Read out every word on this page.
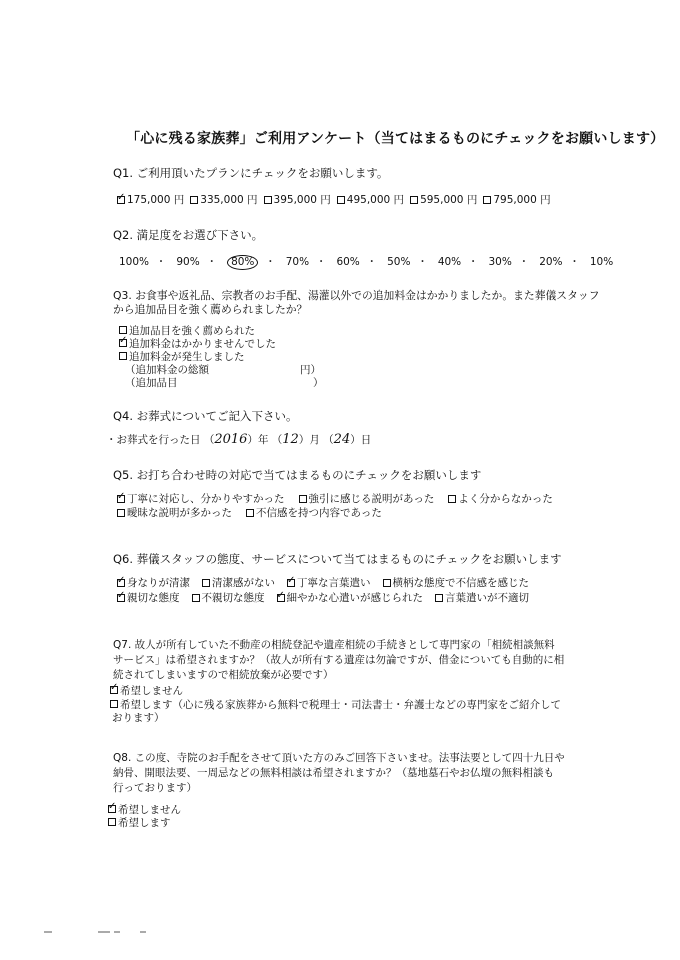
「心に残る家族葬」ご利用アンケート（当てはまるものにチェックをお願いします）
Q1. ご利用頂いたプランにチェックをお願いします。
✓
175,000 円 335,000 円 395,000 円 495,000 円 595,000 円 795,000 円
Q2. 満足度をお選び下さい。
100% ・ 90% ・ 80% ・ 70% ・ 60% ・ 50% ・ 40% ・ 30% ・ 20% ・ 10%
Q3. お食事や返礼品、宗教者のお手配、湯灌以外での追加料金はかかりましたか。また葬儀スタッフ
から追加品目を強く薦められましたか？
追加品目を強く薦められた
✓追加料金はかかりませんでした
追加料金が発生しました
（追加料金の総額	円）
（追加品目	）
Q4. お葬式についてご記入下さい。
・お葬式を行った日 （2016）年 （12）月 （24）日
Q5. お打ち合わせ時の対応で当てはまるものにチェックをお願いします
✓
丁寧に対応し、分かりやすかった 強引に感じる説明があった よく分からなかった
曖昧な説明が多かった 不信感を持つ内容であった
Q6. 葬儀スタッフの態度、サービスについて当てはまるものにチェックをお願いします
✓
身なりが清潔 清潔感がない ✓ 丁寧な言葉遣い 横柄な態度で不信感を感じた
✓
親切な態度 不親切な態度 ✓ 細やかな心遣いが感じられた 言葉遣いが不適切
Q7. 故人が所有していた不動産の相続登記や遺産相続の手続きとして専門家の「相続相談無料
サービス」は希望されますか？（故人が所有する遺産は勿論ですが、借金についても自動的に相
続されてしまいますので相続放棄が必要です）
✓希望しません
希望します（心に残る家族葬から無料で税理士・司法書士・弁護士などの専門家をご紹介して
おります）
Q8. この度、寺院のお手配をさせて頂いた方のみご回答下さいませ。法事法要として四十九日や
納骨、開眼法要、一周忌などの無料相談は希望されますか？（墓地墓石やお仏壇の無料相談も
行っております）
✓希望しません
希望します
